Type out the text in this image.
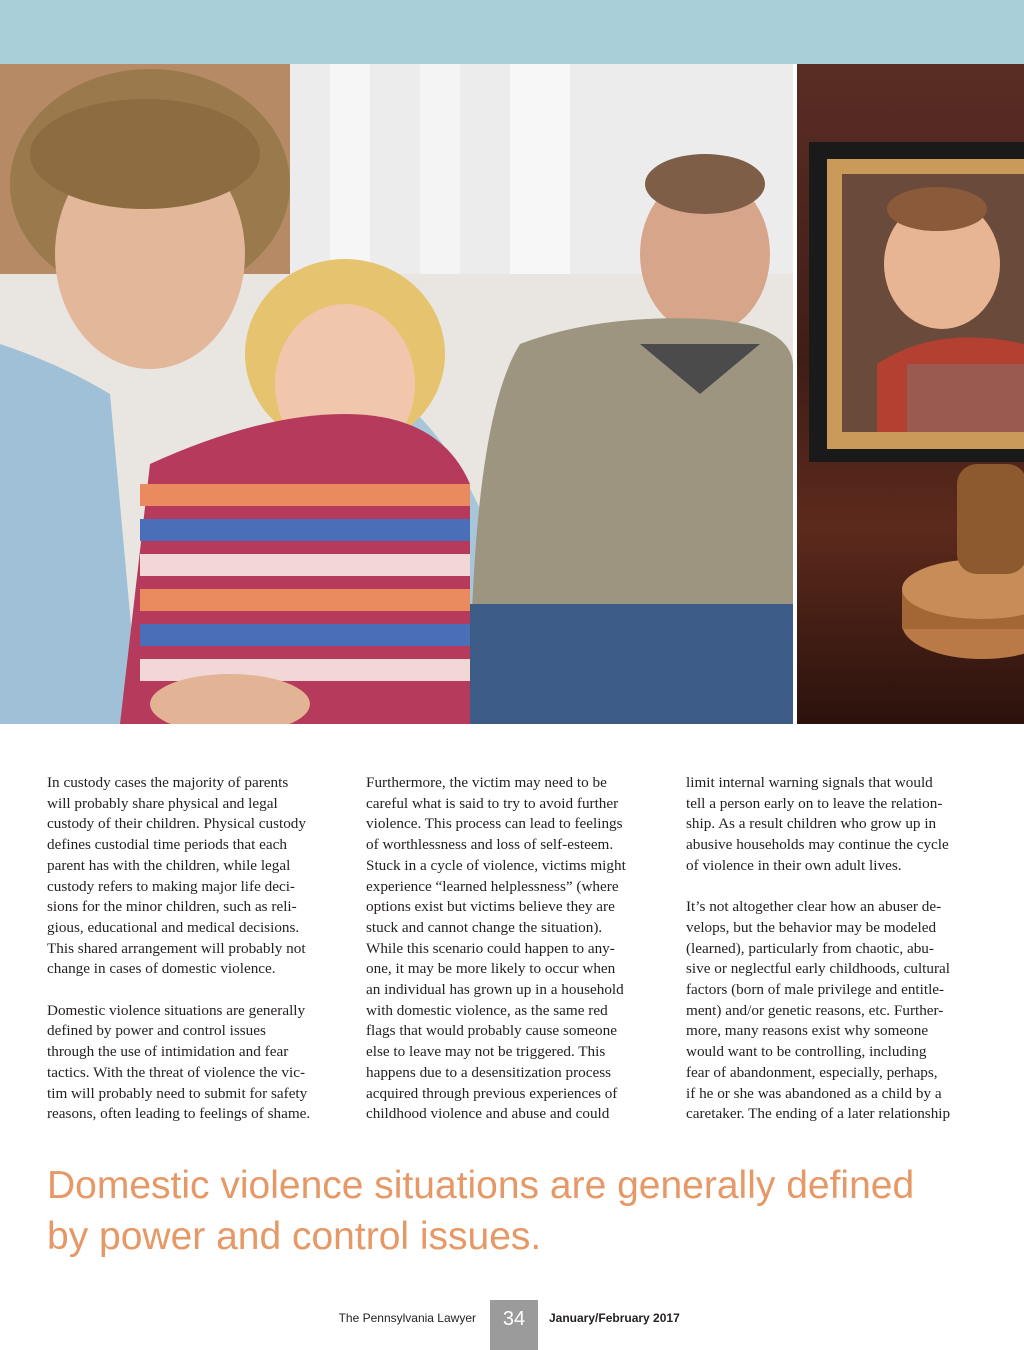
In custody cases the majority of parents
will probably share physical and legal
custody of their children. Physical custody
defines custodial time periods that each
parent has with the children, while legal
custody refers to making major life deci-
sions for the minor children, such as reli-
gious, educational and medical decisions.
This shared arrangement will probably not
change in cases of domestic violence.

Domestic violence situations are generally
defined by power and control issues
through the use of intimidation and fear
tactics. With the threat of violence the vic-
tim will probably need to submit for safety
reasons, often leading to feelings of shame.

Furthermore, the victim may need to be
careful what is said to try to avoid further
violence. This process can lead to feelings
of worthlessness and loss of self-esteem.
Stuck in a cycle of violence, victims might
experience “learned helplessness” (where
options exist but victims believe they are
stuck and cannot change the situation).
While this scenario could happen to any-
one, it may be more likely to occur when
an individual has grown up in a household
with domestic violence, as the same red
flags that would probably cause someone
else to leave may not be triggered. This
happens due to a desensitization process
acquired through previous experiences of
childhood violence and abuse and could

limit internal warning signals that would
tell a person early on to leave the relation-
ship. As a result children who grow up in
abusive households may continue the cycle
of violence in their own adult lives.

It’s not altogether clear how an abuser de-
velops, but the behavior may be modeled
(learned), particularly from chaotic, abu-
sive or neglectful early childhoods, cultural
factors (born of male privilege and entitle-
ment) and/or genetic reasons, etc. Further-
more, many reasons exist why someone
would want to be controlling, including
fear of abandonment, especially, perhaps,
if he or she was abandoned as a child by a
caretaker. The ending of a later relationship

Domestic violence situations are generally defined
by power and control issues.
The Pennsylvania Lawyer	34	January/February 2017
